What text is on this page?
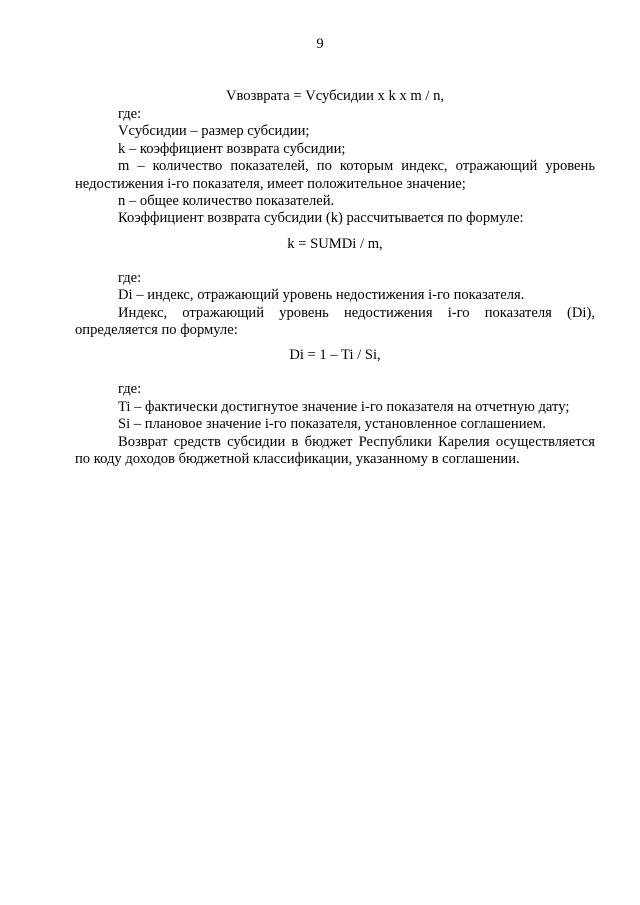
9
Vвозврата = Vсубсидии x k x m / n,
где:
Vсубсидии – размер субсидии;
k – коэффициент возврата субсидии;
m – количество показателей, по которым индекс, отражающий уровень недостижения i-го показателя, имеет положительное значение;
n – общее количество показателей.
Коэффициент возврата субсидии (k) рассчитывается по формуле:
k = SUMDi / m,
где:
Di – индекс, отражающий уровень недостижения i-го показателя.
Индекс, отражающий уровень недостижения i-го показателя (Di), определяется по формуле:
Di = 1 – Ti / Si,
где:
Ti – фактически достигнутое значение i-го показателя на отчетную дату;
Si – плановое значение i-го показателя, установленное соглашением.
Возврат средств субсидии в бюджет Республики Карелия осуществляется по коду доходов бюджетной классификации, указанному в соглашении.
